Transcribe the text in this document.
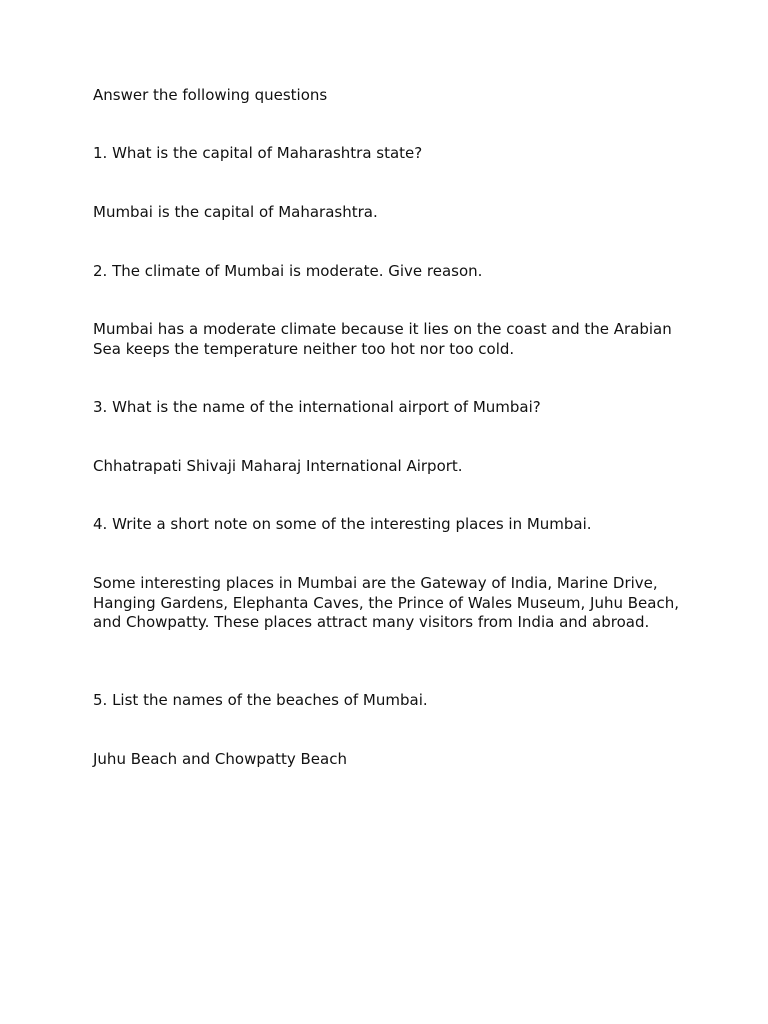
Answer the following questions

1. What is the capital of Maharashtra state?

Mumbai is the capital of Maharashtra.

2. The climate of Mumbai is moderate. Give reason.

Mumbai has a moderate climate because it lies on the coast and the Arabian Sea keeps the temperature neither too hot nor too cold.

3. What is the name of the international airport of Mumbai?

Chhatrapati Shivaji Maharaj International Airport.

4. Write a short note on some of the interesting places in Mumbai.

Some interesting places in Mumbai are the Gateway of India, Marine Drive, Hanging Gardens, Elephanta Caves, the Prince of Wales Museum, Juhu Beach, and Chowpatty. These places attract many visitors from India and abroad.

5. List the names of the beaches of Mumbai.

Juhu Beach and Chowpatty Beach
